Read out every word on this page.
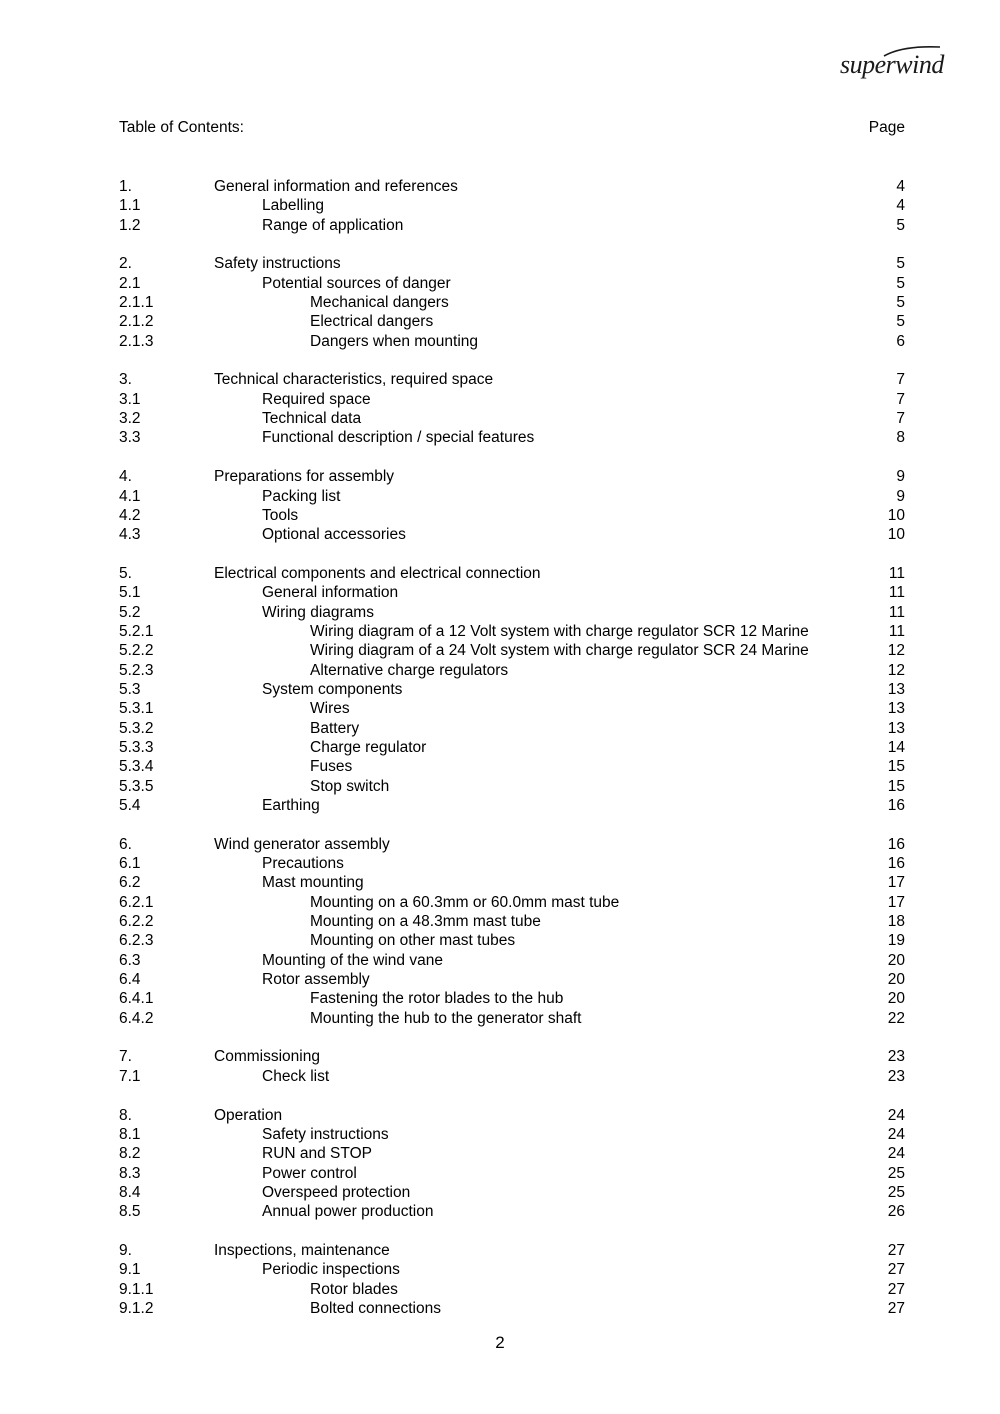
superwind
Table of Contents:	Page
1.	General information and references	4
1.1	Labelling	4
1.2	Range of application	5
2.	Safety instructions	5
2.1	Potential sources of danger	5
2.1.1	Mechanical dangers	5
2.1.2	Electrical dangers	5
2.1.3	Dangers when mounting	6
3.	Technical characteristics, required space	7
3.1	Required space	7
3.2	Technical data	7
3.3	Functional description / special features	8
4.	Preparations for assembly	9
4.1	Packing list	9
4.2	Tools	10
4.3	Optional accessories	10
5.	Electrical components and electrical connection	11
5.1	General information	11
5.2	Wiring diagrams	11
5.2.1	Wiring diagram of a 12 Volt system with charge regulator SCR 12 Marine	11
5.2.2	Wiring diagram of a 24 Volt system with charge regulator SCR 24 Marine	12
5.2.3	Alternative charge regulators	12
5.3	System components	13
5.3.1	Wires	13
5.3.2	Battery	13
5.3.3	Charge regulator	14
5.3.4	Fuses	15
5.3.5	Stop switch	15
5.4	Earthing	16
6.	Wind generator assembly	16
6.1	Precautions	16
6.2	Mast mounting	17
6.2.1	Mounting on a 60.3mm or 60.0mm mast tube	17
6.2.2	Mounting on a 48.3mm mast tube	18
6.2.3	Mounting on other mast tubes	19
6.3	Mounting of the wind vane	20
6.4	Rotor assembly	20
6.4.1	Fastening the rotor blades to the hub	20
6.4.2	Mounting the hub to the generator shaft	22
7.	Commissioning	23
7.1	Check list	23
8.	Operation	24
8.1	Safety instructions	24
8.2	RUN and STOP	24
8.3	Power control	25
8.4	Overspeed protection	25
8.5	Annual power production	26
9.	Inspections, maintenance	27
9.1	Periodic inspections	27
9.1.1	Rotor blades	27
9.1.2	Bolted connections	27
2
